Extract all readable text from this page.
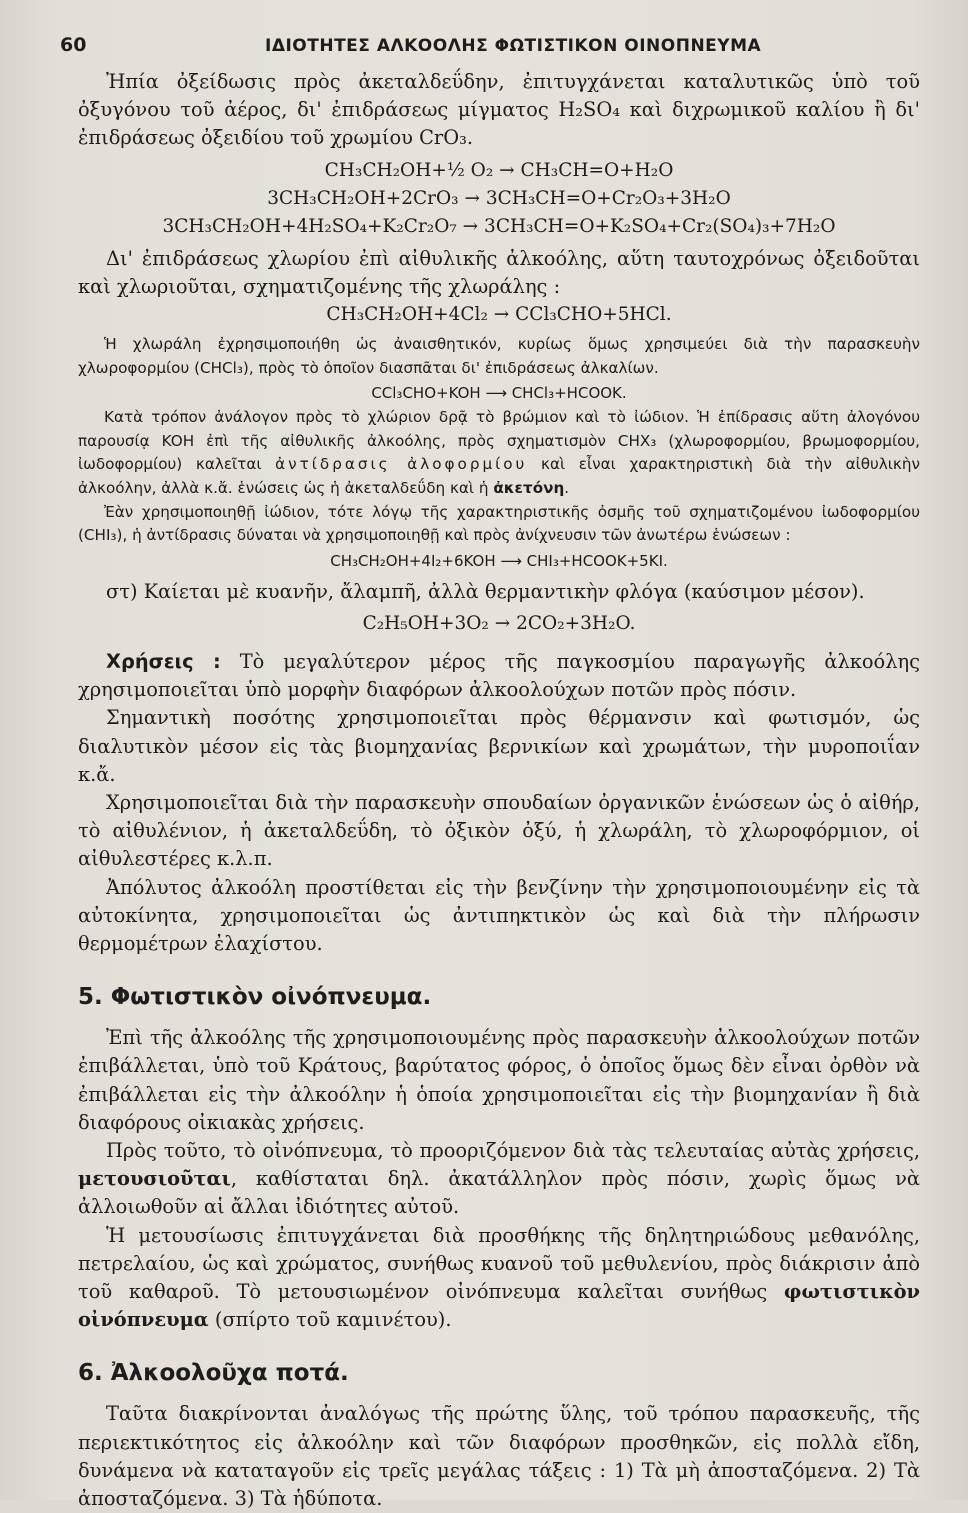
60	ΙΔΙΟΤΗΤΕΣ ΑΛΚΟΟΛΗΣ ΦΩΤΙΣΤΙΚΟΝ ΟΙΝΟΠΝΕΥΜΑ

Ἠπία ὀξείδωσις πρὸς ἀκεταλδεΰδην, ἐπιτυγχάνεται καταλυτικῶς ὑπὸ τοῦ ὀξυγόνου τοῦ ἀέρος, δι' ἐπιδράσεως μίγματος H₂SO₄ καὶ διχρωμικοῦ καλίου ἢ δι' ἐπιδράσεως ὀξειδίου τοῦ χρωμίου CrO₃.

CH₃CH₂OH+½ O₂ → CH₃CH=O+H₂O
3CH₃CH₂OH+2CrO₃ → 3CH₃CH=O+Cr₂O₃+3H₂O
3CH₃CH₂OH+4H₂SO₄+K₂Cr₂O₇ → 3CH₃CH=O+K₂SO₄+Cr₂(SO₄)₃+7H₂O

Δι' ἐπιδράσεως χλωρίου ἐπὶ αἰθυλικῆς ἀλκοόλης, αὕτη ταυτοχρόνως ὀξειδοῦται καὶ χλωριοῦται, σχηματιζομένης τῆς χλωράλης :

CH₃CH₂OH+4Cl₂ → CCl₃CHO+5HCl.

Ἡ χλωράλη ἐχρησιμοποιήθη ὡς ἀναισθητικόν, κυρίως ὅμως χρησιμεύει διὰ τὴν παρασκευὴν χλωροφορμίου (CHCl₃), πρὸς τὸ ὁποῖον διασπᾶται δι' ἐπιδράσεως ἀλκαλίων.

CCl₃CHO+KOH ⟶ CHCl₃+HCOOK.

Κατὰ τρόπον ἀνάλογον πρὸς τὸ χλώριον δρᾷ τὸ βρώμιον καὶ τὸ ἰώδιον. Ἡ ἐπίδρασις αὕτη ἀλογόνου παρουσίᾳ KOH ἐπὶ τῆς αἰθυλικῆς ἀλκοόλης, πρὸς σχηματισμὸν CHX₃ (χλωροφορμίου, βρωμοφορμίου, ἰωδοφορμίου) καλεῖται ἀντίδρασις ἀλοφορμίου καὶ εἶναι χαρακτηριστικὴ διὰ τὴν αἰθυλικὴν ἀλκοόλην, ἀλλὰ κ.ἄ. ἑνώσεις ὡς ἡ ἀκεταλδεΰδη καὶ ἡ ἀκετόνη.

Ἐὰν χρησιμοποιηθῇ ἰώδιον, τότε λόγῳ τῆς χαρακτηριστικῆς ὀσμῆς τοῦ σχηματιζομένου ἰωδοφορμίου (CHI₃), ἡ ἀντίδρασις δύναται νὰ χρησιμοποιηθῇ καὶ πρὸς ἀνίχνευσιν τῶν ἀνωτέρω ἑνώσεων :

CH₃CH₂OH+4I₂+6KOH ⟶ CHI₃+HCOOK+5KI.

στ) Καίεται μὲ κυανῆν, ἄλαμπῆ, ἀλλὰ θερμαντικὴν φλόγα (καύσιμον μέσον).

C₂H₅OH+3O₂ → 2CO₂+3H₂O.

Χρήσεις : Τὸ μεγαλύτερον μέρος τῆς παγκοσμίου παραγωγῆς ἀλκοόλης χρησιμοποιεῖται ὑπὸ μορφὴν διαφόρων ἀλκοολούχων ποτῶν πρὸς πόσιν.

Σημαντικὴ ποσότης χρησιμοποιεῖται πρὸς θέρμανσιν καὶ φωτισμόν, ὡς διαλυτικὸν μέσον εἰς τὰς βιομηχανίας βερνικίων καὶ χρωμάτων, τὴν μυροποιΐαν κ.ἄ.

Χρησιμοποιεῖται διὰ τὴν παρασκευὴν σπουδαίων ὀργανικῶν ἑνώσεων ὡς ὁ αἰθήρ, τὸ αἰθυλένιον, ἡ ἀκεταλδεΰδη, τὸ ὀξικὸν ὀξύ, ἡ χλωράλη, τὸ χλωροφόρμιον, οἱ αἰθυλεστέρες κ.λ.π.

Ἀπόλυτος ἀλκοόλη προστίθεται εἰς τὴν βενζίνην τὴν χρησιμοποιουμένην εἰς τὰ αὐτοκίνητα, χρησιμοποιεῖται ὡς ἀντιπηκτικὸν ὡς καὶ διὰ τὴν πλήρωσιν θερμομέτρων ἐλαχίστου.

5. Φωτιστικὸν οἰνόπνευμα.

Ἐπὶ τῆς ἀλκοόλης τῆς χρησιμοποιουμένης πρὸς παρασκευὴν ἀλκοολούχων ποτῶν ἐπιβάλλεται, ὑπὸ τοῦ Κράτους, βαρύτατος φόρος, ὁ ὁποῖος ὅμως δὲν εἶναι ὀρθὸν νὰ ἐπιβάλλεται εἰς τὴν ἀλκοόλην ἡ ὁποία χρησιμοποιεῖται εἰς τὴν βιομηχανίαν ἢ διὰ διαφόρους οἰκιακὰς χρήσεις.

Πρὸς τοῦτο, τὸ οἰνόπνευμα, τὸ προοριζόμενον διὰ τὰς τελευταίας αὐτὰς χρήσεις, μετουσιοῦται, καθίσταται δηλ. ἀκατάλληλον πρὸς πόσιν, χωρὶς ὅμως νὰ ἀλλοιωθοῦν αἱ ἄλλαι ἰδιότητες αὐτοῦ.

Ἡ μετουσίωσις ἐπιτυγχάνεται διὰ προσθήκης τῆς δηλητηριώδους μεθανόλης, πετρελαίου, ὡς καὶ χρώματος, συνήθως κυανοῦ τοῦ μεθυλενίου, πρὸς διάκρισιν ἀπὸ τοῦ καθαροῦ. Τὸ μετουσιωμένον οἰνόπνευμα καλεῖται συνήθως φωτιστικὸν οἰνόπνευμα (σπίρτο τοῦ καμινέτου).

6. Ἀλκοολοῦχα ποτά.

Ταῦτα διακρίνονται ἀναλόγως τῆς πρώτης ὕλης, τοῦ τρόπου παρασκευῆς, τῆς περιεκτικότητος εἰς ἀλκοόλην καὶ τῶν διαφόρων προσθηκῶν, εἰς πολλὰ εἴδη, δυνάμενα νὰ καταταγοῦν εἰς τρεῖς μεγάλας τάξεις : 1) Τὰ μὴ ἀποσταζόμενα. 2) Τὰ ἀποσταζόμενα. 3) Τὰ ἡδύποτα.
